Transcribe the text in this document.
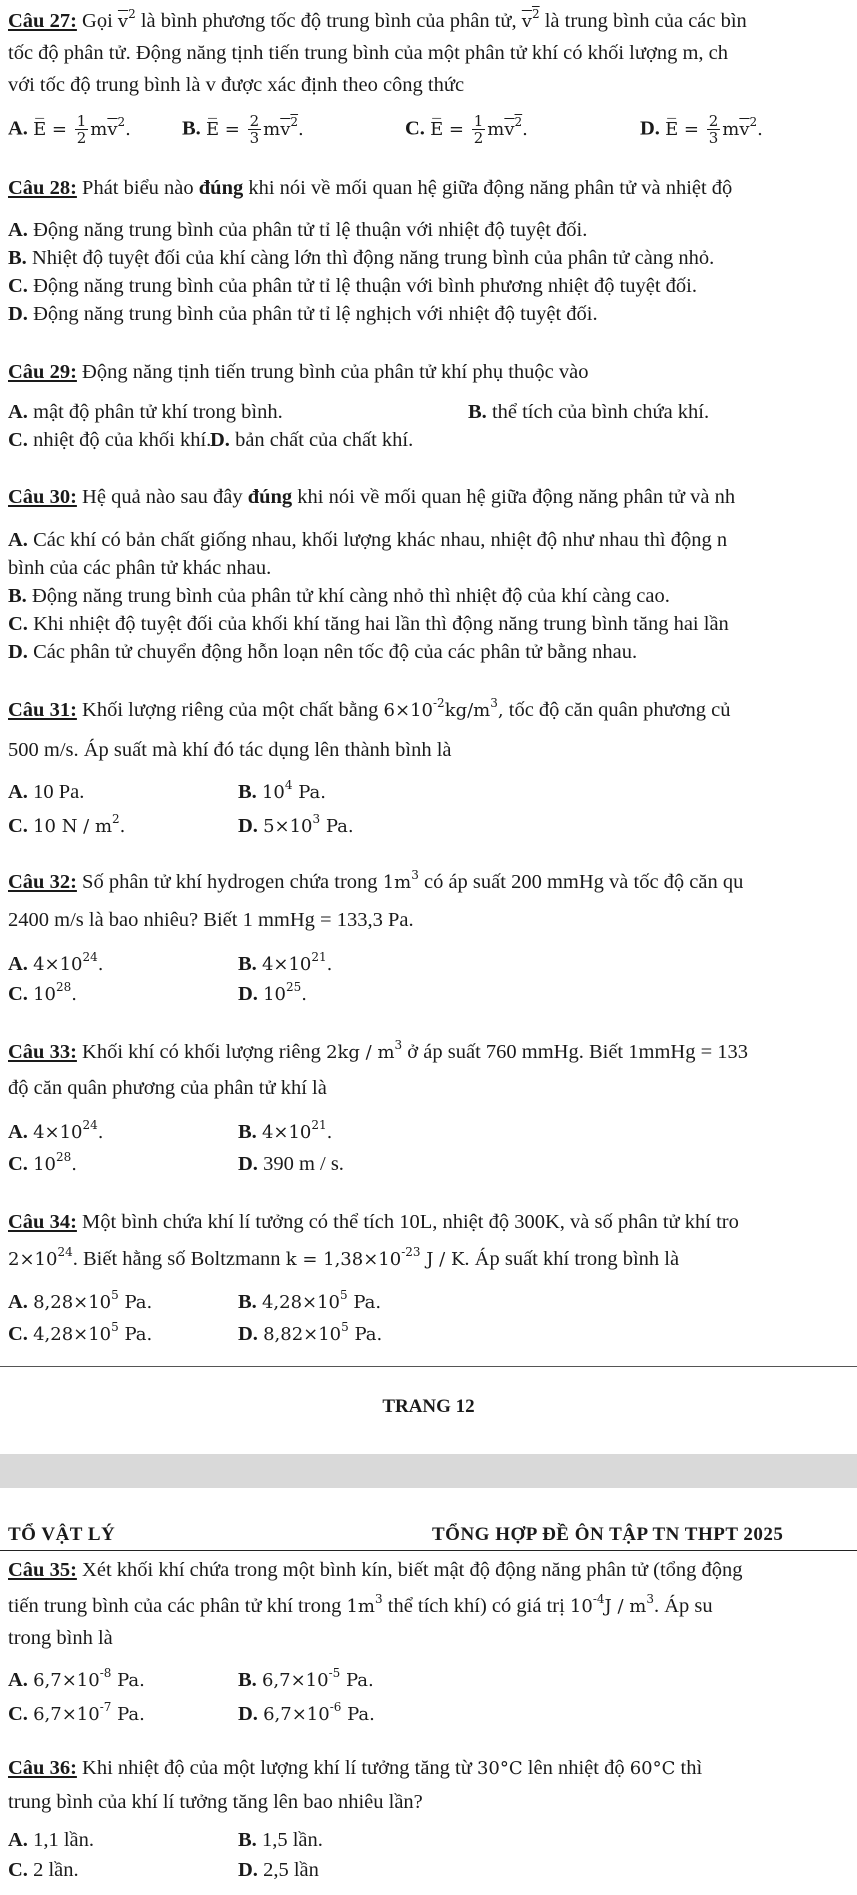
Câu 27: Gọi $\overline{v}^2$ là bình phương tốc độ trung bình của phân tử, $v^2$ là trung bình của các bìn
tốc độ phân tử. Động năng tịnh tiến trung bình của một phân tử khí có khối lượng m, ch
với tốc độ trung bình là v được xác định theo công thức
A. E̅ = $\frac{1}{2} m\overline{v}^2$. B. E̅ = $\frac{2}{3} mv^2$.	C. E̅ = $\frac{1}{2} mv^2$.	D. E̅ = $\frac{2}{3} m\overline{v}^2$.
Câu 28: Phát biểu nào đúng khi nói về mối quan hệ giữa động năng phân tử và nhiệt độ
A. Động năng trung bình của phân tử tỉ lệ thuận với nhiệt độ tuyệt đối.
B. Nhiệt độ tuyệt đối của khí càng lớn thì động năng trung bình của phân tử càng nhỏ.
C. Động năng trung bình của phân tử tỉ lệ thuận với bình phương nhiệt độ tuyệt đối.
D. Động năng trung bình của phân tử tỉ lệ nghịch với nhiệt độ tuyệt đối.
Câu 29: Động năng tịnh tiến trung bình của phân tử khí phụ thuộc vào
A. mật độ phân tử khí trong bình.	B. thể tích của bình chứa khí.
C. nhiệt độ của khối khí.
D. bản chất của chất khí.
Câu 30: Hệ quả nào sau đây đúng khi nói về mối quan hệ giữa động năng phân tử và nh
A. Các khí có bản chất giống nhau, khối lượng khác nhau, nhiệt độ như nhau thì động n
bình của các phân tử khác nhau.
B. Động năng trung bình của phân tử khí càng nhỏ thì nhiệt độ của khí càng cao.
C. Khi nhiệt độ tuyệt đối của khối khí tăng hai lần thì động năng trung bình tăng hai lần
D. Các phân tử chuyển động hỗn loạn nên tốc độ của các phân tử bằng nhau.
Câu 31: Khối lượng riêng của một chất bằng $6\times 10^{-2}kg/m^3$, tốc độ căn quân phương củ
500 m/s. Áp suất mà khí đó tác dụng lên thành bình là
A. 10 Pa.	B. $10^4$ Pa.
C. 10 N / $m^2$.	D. $5\times 10^3$ Pa.
Câu 32: Số phân tử khí hydrogen chứa trong $1m^3$ có áp suất 200 mmHg và tốc độ căn qu
2400 m/s là bao nhiêu? Biết 1 mmHg = 133,3 Pa.
A. $4\times 10^{24}$.	B. $4\times 10^{21}$.
C. $10^{28}$.	D. $10^{25}$.
Câu 33: Khối khí có khối lượng riêng $2kg / m^3$ ở áp suất 760 mmHg. Biết 1mmHg = 133
độ căn quân phương của phân tử khí là
A. $4\times 10^{24}$.	B. $4\times 10^{21}$.
C. $10^{28}$.	D. 390 m / s.
Câu 34: Một bình chứa khí lí tưởng có thể tích 10L, nhiệt độ 300K, và số phân tử khí tro
$2\times 10^{24}$. Biết hằng số Boltzmann $k = 1,38\times 10^{-23}$ J / K. Áp suất khí trong bình là
A. $8,28\times 10^5$ Pa.	B. $4,28\times 10^5$ Pa.
C. $4,28\times 10^5$ Pa.	D. $8,82\times 10^5$ Pa.
TRANG 12
TỔ VẬT LÝ	TỔNG HỢP ĐỀ ÔN TẬP TN THPT 2025
Câu 35: Xét khối khí chứa trong một bình kín, biết mật độ động năng phân tử (tổng động
tiến trung bình của các phân tử khí trong $1m^3$ thể tích khí) có giá trị $10^{-4}J / m^3$. Áp su
trong bình là
A. $6,7\times 10^{-8}$ Pa.	B. $6,7\times 10^{-5}$ Pa.
C. $6,7\times 10^{-7}$ Pa.	D. $6,7\times 10^{-6}$ Pa.
Câu 36: Khi nhiệt độ của một lượng khí lí tưởng tăng từ 30°C lên nhiệt độ 60°C thì
trung bình của khí lí tưởng tăng lên bao nhiêu lần?
A. 1,1 lần.	B. 1,5 lần.
C. 2 lần.	D. 2,5 lần
